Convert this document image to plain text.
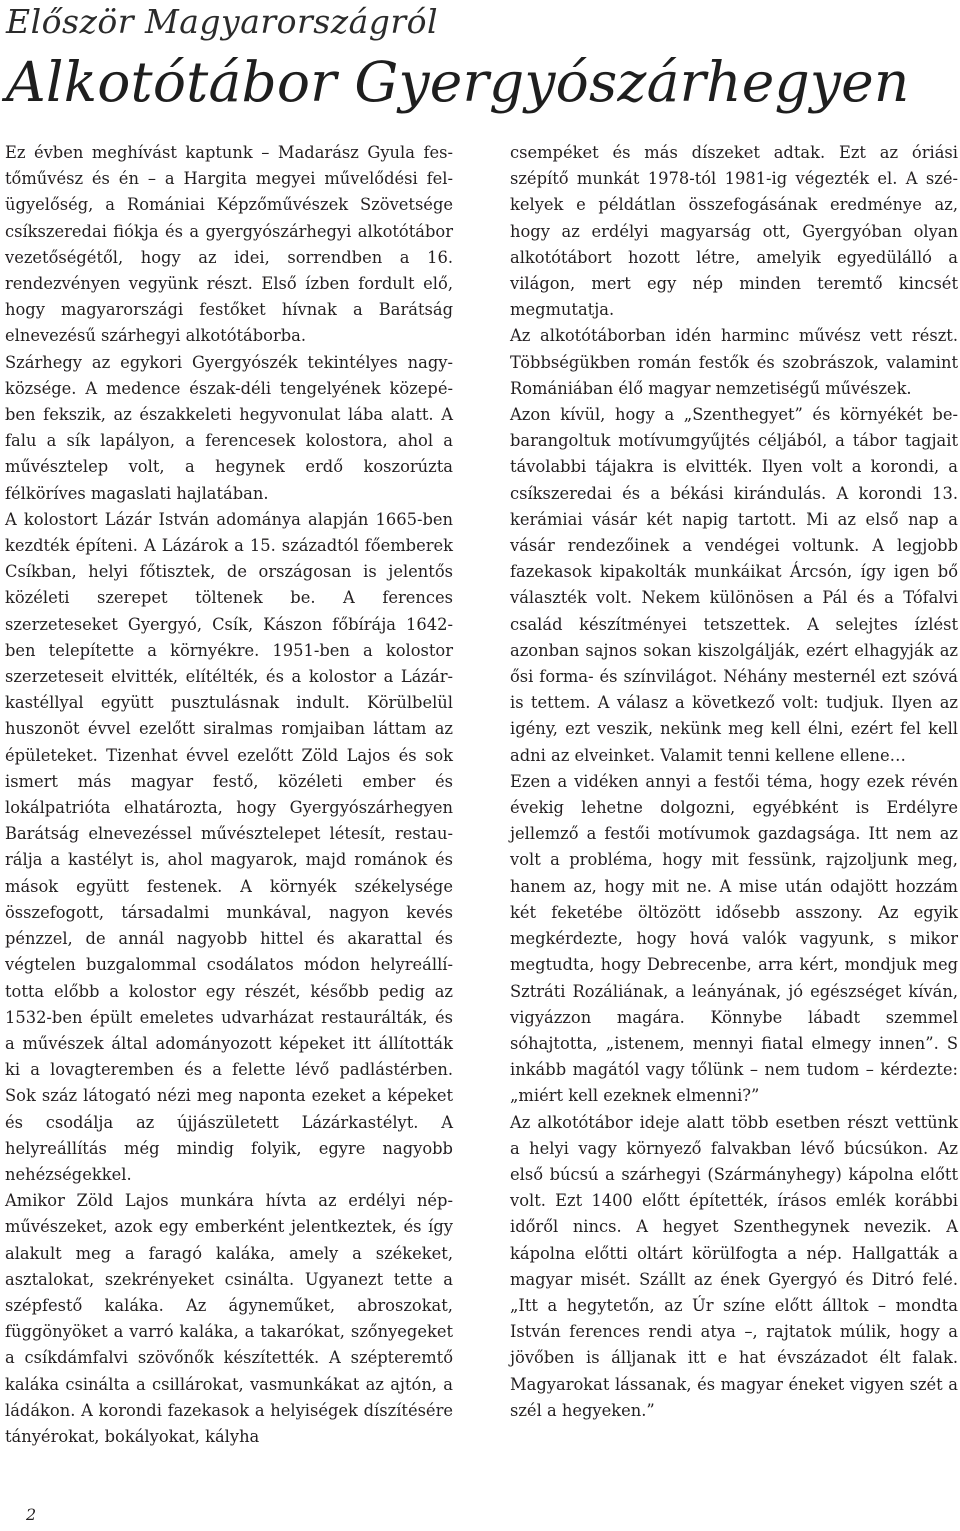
Először Magyarországról
Alkotótábor Gyergyószárhegyen

Ez évben meghívást kaptunk – Madarász Gyula festőművész és én – a Hargita megyei művelődési felügyelőség, a Romániai Képzőművészek Szövetsége csíkszeredai fiókja és a gyergyószárhegyi alkotótábor vezetőségétől, hogy az idei, sorrendben a 16. rendezvényen vegyünk részt. Első ízben fordult elő, hogy magyarországi festőket hívnak a Barátság elnevezésű szárhegyi alkotótáborba.

Szárhegy az egykori Gyergyószék tekintélyes nagyközsége. A medence észak-déli tengelyének közepében fekszik, az északkeleti hegyvonulat lába alatt. A falu a sík lapályon, a ferencesek kolostora, ahol a művésztelep volt, a hegynek erdő koszorúzta félköríves magaslati hajlatában.

A kolostort Lázár István adománya alapján 1665-ben kezdték építeni. A Lázárok a 15. századtól főemberek Csíkban, helyi főtisztek, de országosan is jelentős közéleti szerepet töltenek be. A ferences szerzeteseket Gyergyó, Csík, Kászon főbírája 1642-ben telepítette a környékre. 1951-ben a kolostor szerzeteseit elvitték, elítélték, és a kolostor a Lázárkastéllyal együtt pusztulásnak indult. Körülbelül huszonöt évvel ezelőtt siralmas romjaiban láttam az épületeket. Tizenhat évvel ezelőtt Zöld Lajos és sok ismert más magyar festő, közéleti ember és lokálpatrióta elhatározta, hogy Gyergyószárhegyen Barátság elnevezéssel művésztelepet létesít, restaurálja a kastélyt is, ahol magyarok, majd románok és mások együtt festenek. A környék székelysége összefogott, társadalmi munkával, nagyon kevés pénzzel, de annál nagyobb hittel és akarattal és végtelen buzgalommal csodálatos módon helyreállította előbb a kolostor egy részét, később pedig az 1532-ben épült emeletes udvarházat restaurálták, és a művészek által adományozott képeket itt állították ki a lovagteremben és a felette lévő padlástérben. Sok száz látogató nézi meg naponta ezeket a képeket és csodálja az újjászületett Lázárkastélyt. A helyreállítás még mindig folyik, egyre nagyobb nehézségekkel.

Amikor Zöld Lajos munkára hívta az erdélyi népművészeket, azok egy emberként jelentkeztek, és így alakult meg a faragó kaláka, amely a székeket, asztalokat, szekrényeket csinálta. Ugyanezt tette a szépfestő kaláka. Az ágyneműket, abroszokat, függönyöket a varró kaláka, a takarókat, szőnyegeket a csíkdámfalvi szövőnők készítették. A szépteremtő kaláka csinálta a csillárokat, vasmunkákat az ajtón, a ládákon. A korondi fazekasok a helyiségek díszítésére tányérokat, bokályokat, kályha

csempéket és más díszeket adtak. Ezt az óriási szépítő munkát 1978-tól 1981-ig végezték el. A székelyek e példátlan összefogásának eredménye az, hogy az erdélyi magyarság ott, Gyergyóban olyan alkotótábort hozott létre, amelyik egyedülálló a világon, mert egy nép minden teremtő kincsét megmutatja.

Az alkotótáborban idén harminc művész vett részt. Többségükben román festők és szobrászok, valamint Romániában élő magyar nemzetiségű művészek.

Azon kívül, hogy a „Szenthegyet” és környékét bebarangoltuk motívumgyűjtés céljából, a tábor tagjait távolabbi tájakra is elvitték. Ilyen volt a korondi, a csíkszeredai és a békási kirándulás. A korondi 13. kerámiai vásár két napig tartott. Mi az első nap a vásár rendezőinek a vendégei voltunk. A legjobb fazekasok kipakolták munkáikat Árcsón, így igen bő választék volt. Nekem különösen a Pál és a Tófalvi család készítményei tetszettek. A selejtes ízlést azonban sajnos sokan kiszolgálják, ezért elhagyják az ősi forma- és színvilágot. Néhány mesternél ezt szóvá is tettem. A válasz a következő volt: tudjuk. Ilyen az igény, ezt veszik, nekünk meg kell élni, ezért fel kell adni az elveinket. Valamit tenni kellene ellene…

Ezen a vidéken annyi a festői téma, hogy ezek révén évekig lehetne dolgozni, egyébként is Erdélyre jellemző a festői motívumok gazdagsága. Itt nem az volt a probléma, hogy mit fessünk, rajzoljunk meg, hanem az, hogy mit ne. A mise után odajött hozzám két feketébe öltözött idősebb asszony. Az egyik megkérdezte, hogy hová valók vagyunk, s mikor megtudta, hogy Debrecenbe, arra kért, mondjuk meg Sztráti Rozáliának, a leányának, jó egészséget kíván, vigyázzon magára. Könnybe lábadt szemmel sóhajtotta, „istenem, mennyi fiatal elmegy innen”. S inkább magától vagy tőlünk – nem tudom – kérdezte: „miért kell ezeknek elmenni?”

Az alkotótábor ideje alatt több esetben részt vettünk a helyi vagy környező falvakban lévő búcsúkon. Az első búcsú a szárhegyi (Szármányhegy) kápolna előtt volt. Ezt 1400 előtt építették, írásos emlék korábbi időről nincs. A hegyet Szenthegynek nevezik. A kápolna előtti oltárt körülfogta a nép. Hallgatták a magyar misét. Szállt az ének Gyergyó és Ditró felé. „Itt a hegytetőn, az Úr színe előtt álltok – mondta István ferences rendi atya –, rajtatok múlik, hogy a jövőben is álljanak itt e hat évszázadot élt falak. Magyarokat lássanak, és magyar éneket vigyen szét a szél a hegyeken.”

2
